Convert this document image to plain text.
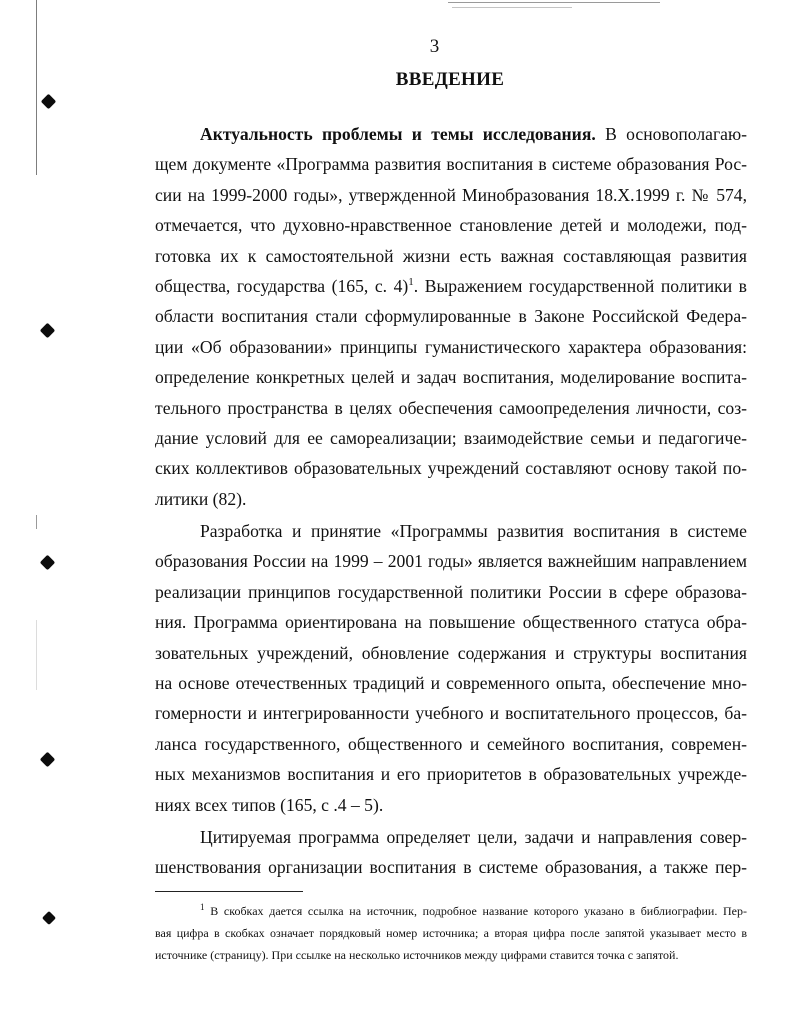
3
ВВЕДЕНИЕ
Актуальность проблемы и темы исследования. В основополагаю-
щем документе «Программа развития воспитания в системе образования Рос-
сии на 1999-2000 годы», утвержденной Минобразования 18.Х.1999 г. № 574,
отмечается, что духовно-нравственное становление детей и молодежи, под-
готовка их к самостоятельной жизни есть важная составляющая развития
общества, государства (165, с. 4)$^1$. Выражением государственной политики в
области воспитания стали сформулированные в Законе Российской Федера-
ции «Об образовании» принципы гуманистического характера образования:
определение конкретных целей и задач воспитания, моделирование воспита-
тельного пространства в целях обеспечения самоопределения личности, соз-
дание условий для ее самореализации; взаимодействие семьи и педагогиче-
ских коллективов образовательных учреждений составляют основу такой по-
литики (82).
Разработка и принятие «Программы развития воспитания в системе
образования России на 1999 – 2001 годы» является важнейшим направлением
реализации принципов государственной политики России в сфере образова-
ния. Программа ориентирована на повышение общественного статуса обра-
зовательных учреждений, обновление содержания и структуры воспитания
на основе отечественных традиций и современного опыта, обеспечение мно-
гомерности и интегрированности учебного и воспитательного процессов, ба-
ланса государственного, общественного и семейного воспитания, современ-
ных механизмов воспитания и его приоритетов в образовательных учрежде-
ниях всех типов (165, с .4 – 5).
Цитируемая программа определяет цели, задачи и направления совер-
шенствования организации воспитания в системе образования, а также пер-
$^1$ В скобках дается ссылка на источник, подробное название которого указано в библиографии. Пер-
вая цифра в скобках означает порядковый номер источника; а вторая цифра после запятой указывает место в
источнике (страницу). При ссылке на несколько источников между цифрами ставится точка с запятой.
